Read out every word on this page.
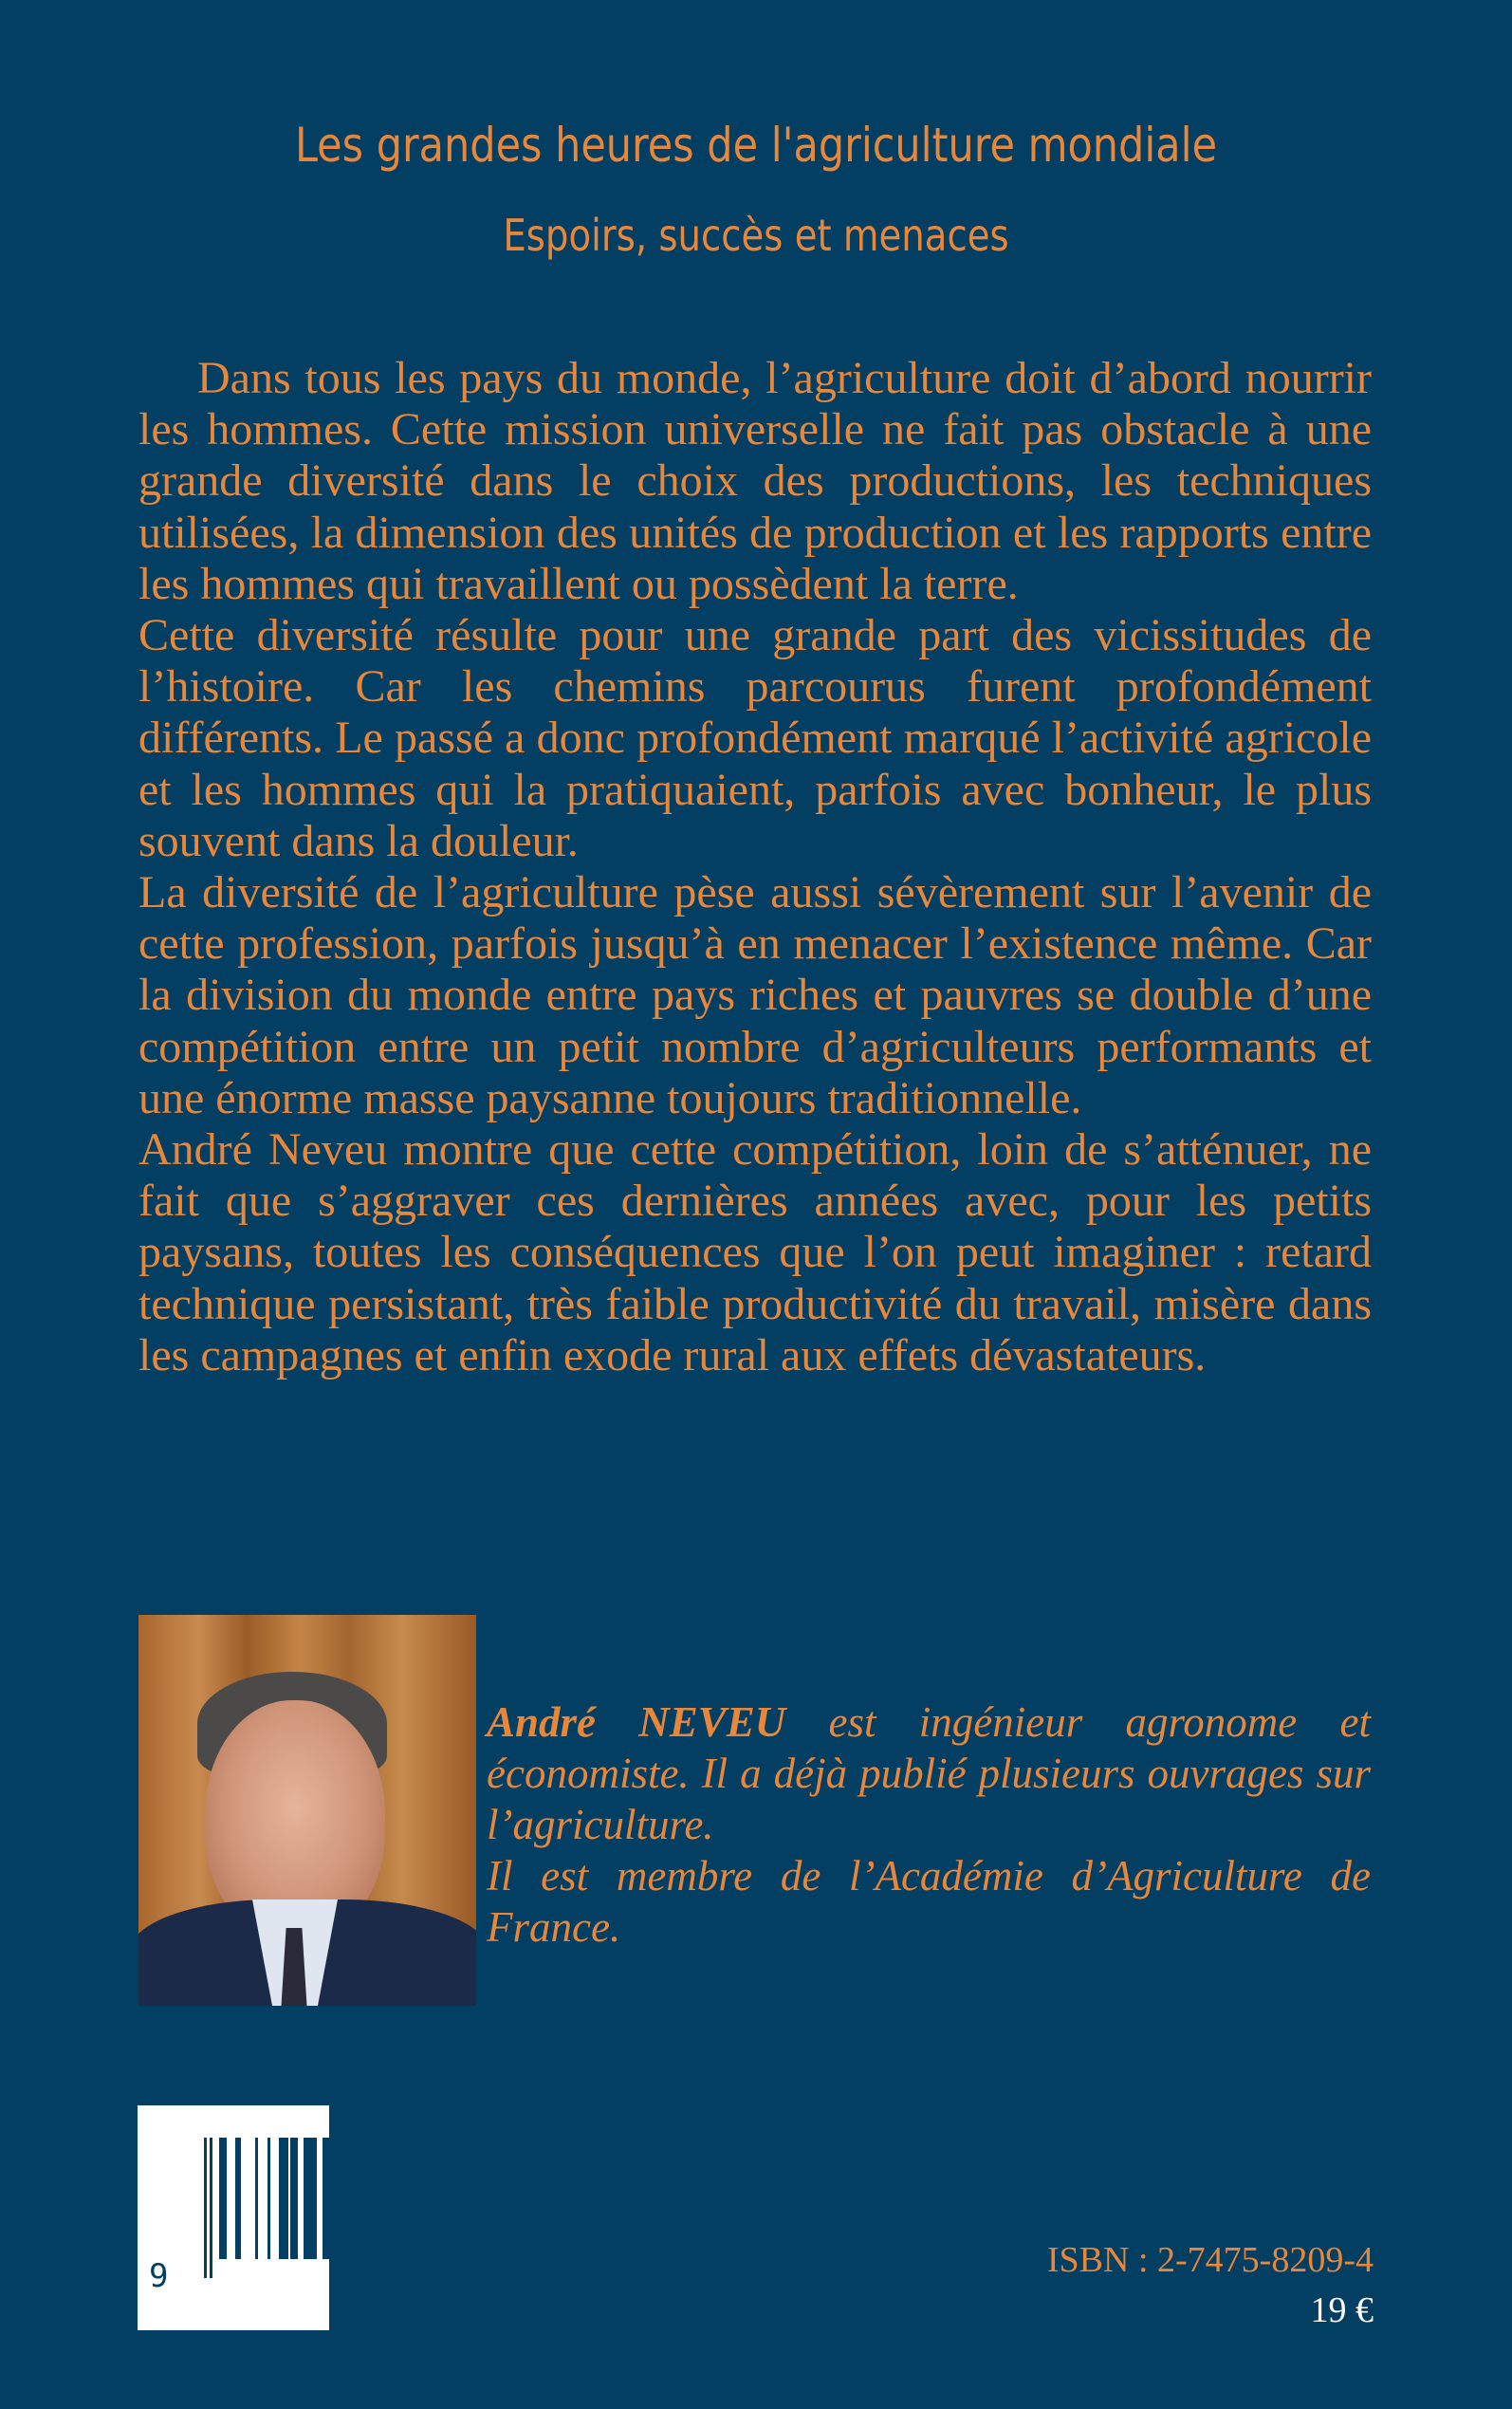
Les grandes heures de l'agriculture mondiale
Espoirs, succès et menaces

Dans tous les pays du monde, l’agriculture doit d’abord nourrir les hommes. Cette mission universelle ne fait pas obstacle à une grande diversité dans le choix des productions, les techniques utilisées, la dimension des unités de production et les rapports entre les hommes qui travaillent ou possèdent la terre.

Cette diversité résulte pour une grande part des vicissitudes de l’histoire. Car les chemins parcourus furent profondément différents. Le passé a donc profondément marqué l’activité agricole et les hommes qui la pratiquaient, parfois avec bonheur, le plus souvent dans la douleur.

La diversité de l’agriculture pèse aussi sévèrement sur l’avenir de cette profession, parfois jusqu’à en menacer l’existence même. Car la division du monde entre pays riches et pauvres se double d’une compétition entre un petit nombre d’agriculteurs performants et une énorme masse paysanne toujours traditionnelle.

André Neveu montre que cette compétition, loin de s’atténuer, ne fait que s’aggraver ces dernières années avec, pour les petits paysans, toutes les conséquences que l’on peut imaginer : retard technique persistant, très faible productivité du travail, misère dans les campagnes et enfin exode rural aux effets dévastateurs.

André NEVEU est ingénieur agronome et économiste. Il a déjà publié plusieurs ouvrages sur l’agriculture.

Il est membre de l’Académie d’Agriculture de France.

9	ISBN : 2-7475-8209-4
19 €
